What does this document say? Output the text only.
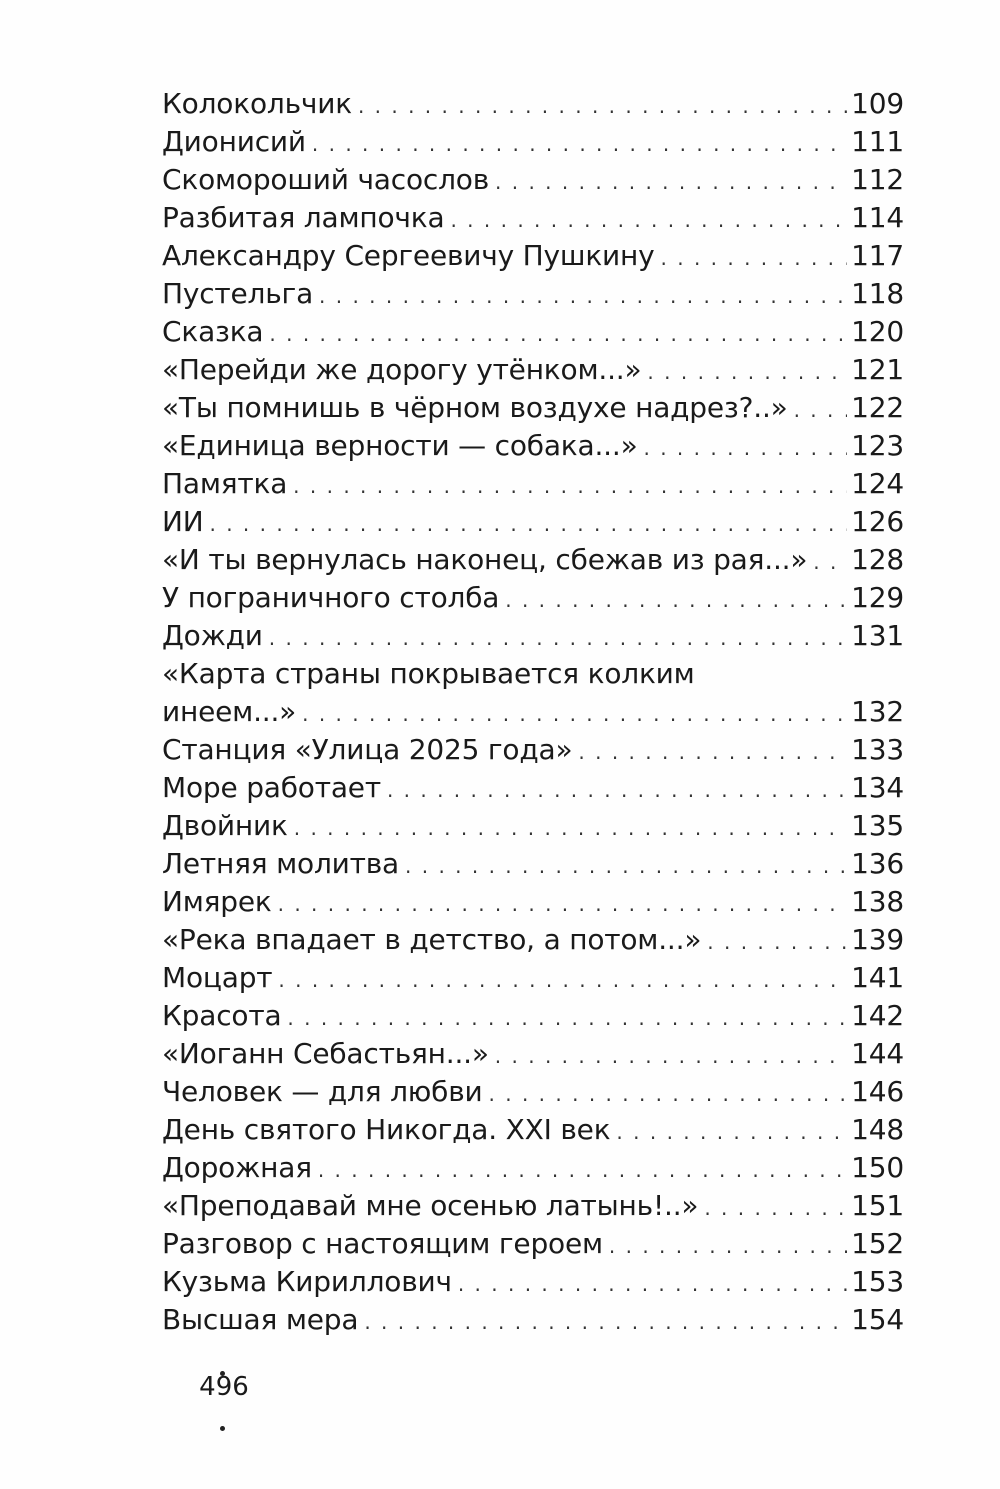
Колокольчик . . .	109
Дионисий . . .	111
Скомороший часослов . . .	112
Разбитая лампочка . . .	114
Александру Сергеевичу Пушкину . . .	117
Пустельга . . .	118
Сказка . . .	120
«Перейди же дорогу утёнком...» . . .	121
«Ты помнишь в чёрном воздухе надрез?..» . . . 122
«Единица верности — собака...» . . .	123
Памятка . . .	124
ИИ . . .	126
«И ты вернулась наконец, сбежав из рая...» . . . 128
У пограничного столба . . .	129
Дожди . . .	131
«Карта страны покрывается колким
инеем...» . . .	132
Станция «Улица 2025 года» . . .	133
Море работает . . .	134
Двойник . . .	135
Летняя молитва . . .	136
Имярек . . .	138
«Река впадает в детство, а потом...» . . .	139
Моцарт . . .	141
Красота . . .	142
«Иоганн Себастьян...» . . .	144
Человек — для любви . . .	146
День святого Никогда. XXI век . . .	148
Дорожная . . .	150
«Преподавай мне осенью латынь!..» . . .	151
Разговор с настоящим героем . . .	152
Кузьма Кириллович . . .	153
Высшая мера . . .	154
496
